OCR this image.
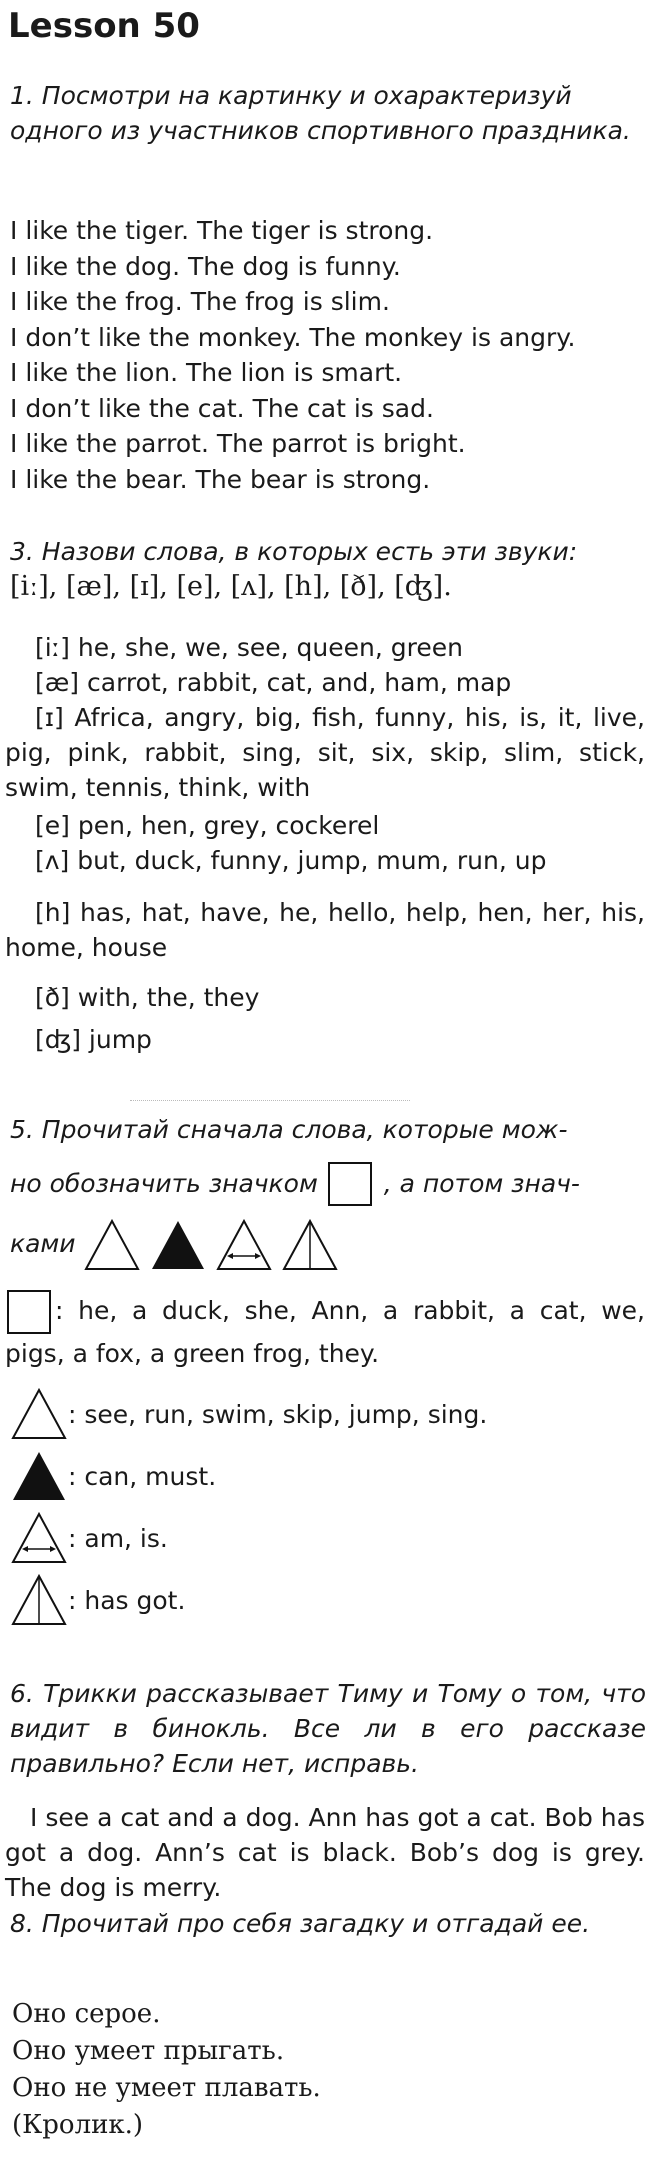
Lesson 50
1. Посмотри на картинку и охарактеризуй одного из участников спортивного праздника.
I like the tiger. The tiger is strong.
I like the dog. The dog is funny.
I like the frog. The frog is slim.
I don’t like the monkey. The monkey is angry.
I like the lion. The lion is smart.
I don’t like the cat. The cat is sad.
I like the parrot. The parrot is bright.
I like the bear. The bear is strong.
3. Назови слова, в которых есть эти звуки:
[iː], [æ], [ɪ], [e], [ʌ], [h], [ð], [ʤ].
[iː] he, she, we, see, queen, green
[æ] carrot, rabbit, cat, and, ham, map
[ɪ] Africa, angry, big, fish, funny, his, is, it, live, pig, pink, rabbit, sing, sit, six, skip, slim, stick, swim, tennis, think, with
[e] pen, hen, grey, cockerel
[ʌ] but, duck, funny, jump, mum, run, up
[h] has, hat, have, he, hello, help, hen, her, his, home, house
[ð] with, the, they
[ʤ] jump
5. Прочитай сначала слова, которые мож-
но обозначить значком	, а потом знач-
ками
: he, a duck, she, Ann, a rabbit, a cat, we, pigs, a fox, a green frog, they.
: see, run, swim, skip, jump, sing.
: can, must.
: am, is.
: has got.
6. Трикки рассказывает Тиму и Тому о том, что видит в бинокль. Все ли в его рассказе правильно? Если нет, исправь.
I see a cat and a dog. Ann has got a cat. Bob has got a dog. Ann’s cat is black. Bob’s dog is grey. The dog is merry.
8. Прочитай про себя загадку и отгадай ее.
Оно серое.
Оно умеет прыгать.
Оно не умеет плавать.
(Кролик.)
